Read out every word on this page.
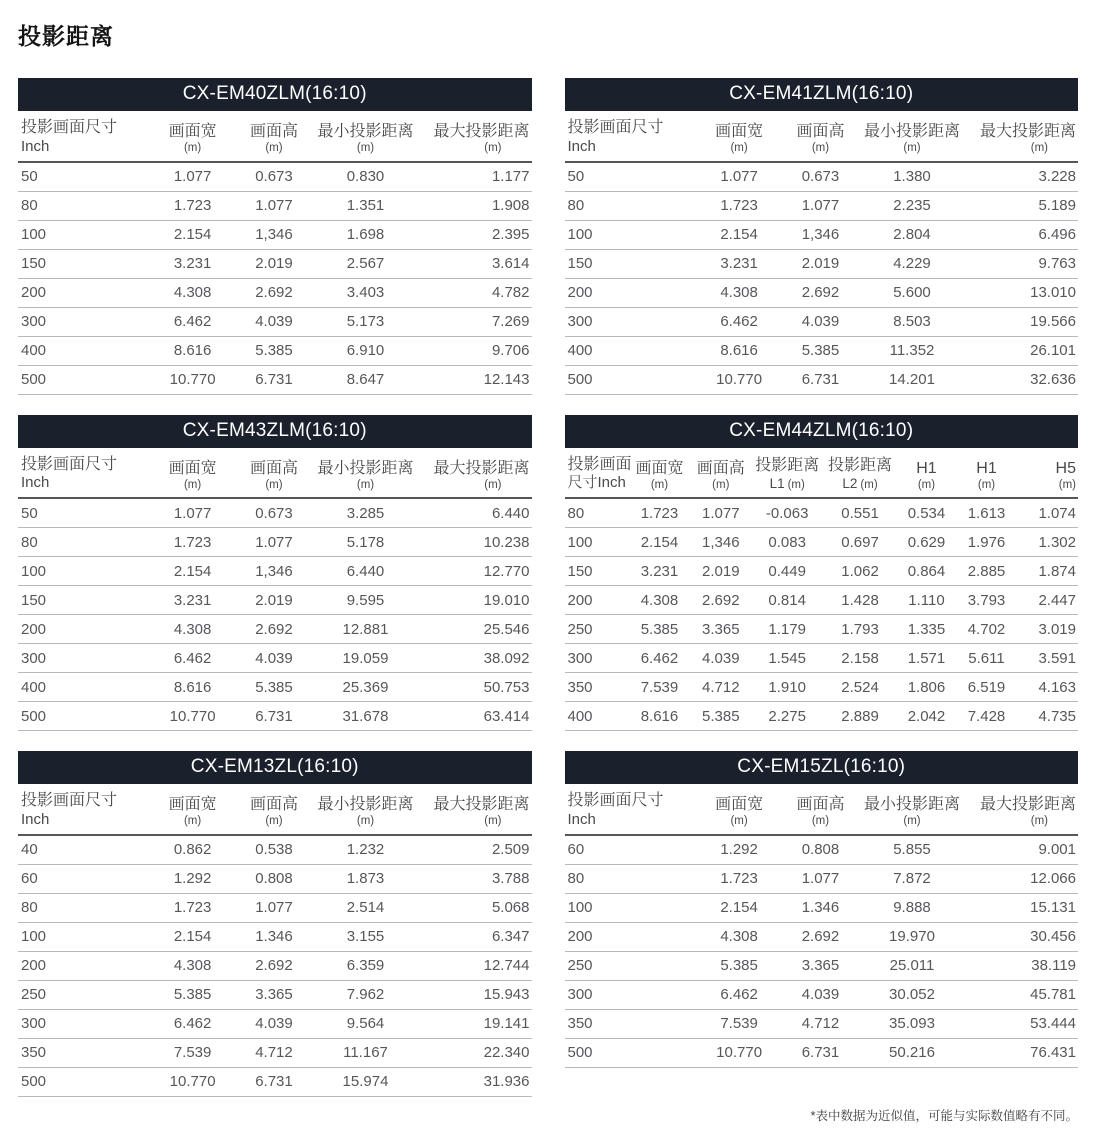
投影距离
CX-EM40ZLM(16:10)
投影画面尺寸
Inch

画面宽
(m)

画面高
(m)

最小投影距离
(m)

最大投影距离
(m)

50	1.077	0.673	0.830	1.177
80	1.723	1.077	1.351	1.908
100	2.154	1,346	1.698	2.395
150	3.231	2.019	2.567	3.614
200	4.308	2.692	3.403	4.782
300	6.462	4.039	5.173	7.269
400	8.616	5.385	6.910	9.706
500	10.770	6.731	8.647	12.143
CX-EM41ZLM(16:10)
投影画面尺寸
Inch

画面宽
(m)

画面高
(m)

最小投影距离
(m)

最大投影距离
(m)

50	1.077	0.673	1.380	3.228
80	1.723	1.077	2.235	5.189
100	2.154	1,346	2.804	6.496
150	3.231	2.019	4.229	9.763
200	4.308	2.692	5.600	13.010
300	6.462	4.039	8.503	19.566
400	8.616	5.385	11.352	26.101
500	10.770	6.731	14.201	32.636
CX-EM43ZLM(16:10)
投影画面尺寸
Inch

画面宽
(m)

画面高
(m)

最小投影距离
(m)

最大投影距离
(m)

50	1.077	0.673	3.285	6.440
80	1.723	1.077	5.178	10.238
100	2.154	1,346	6.440	12.770
150	3.231	2.019	9.595	19.010
200	4.308	2.692	12.881	25.546
300	6.462	4.039	19.059	38.092
400	8.616	5.385	25.369	50.753
500	10.770	6.731	31.678	63.414
CX-EM44ZLM(16:10)
投影画面
尺寸Inch

画面宽
(m)

画面高
(m)

投影距离
L1 (m)

投影距离
L2 (m)

H1
(m)

H1
(m)

H5
(m)

80	1.723	1.077	-0.063	0.551	0.534	1.613	1.074
100	2.154	1,346	0.083	0.697	0.629	1.976	1.302
150	3.231	2.019	0.449	1.062	0.864	2.885	1.874
200	4.308	2.692	0.814	1.428	1.110	3.793	2.447
250	5.385	3.365	1.179	1.793	1.335	4.702	3.019
300	6.462	4.039	1.545	2.158	1.571	5.611	3.591
350	7.539	4.712	1.910	2.524	1.806	6.519	4.163
400	8.616	5.385	2.275	2.889	2.042	7.428	4.735
CX-EM13ZL(16:10)
投影画面尺寸
Inch

画面宽
(m)

画面高
(m)

最小投影距离
(m)

最大投影距离
(m)

40	0.862	0.538	1.232	2.509
60	1.292	0.808	1.873	3.788
80	1.723	1.077	2.514	5.068
100	2.154	1.346	3.155	6.347
200	4.308	2.692	6.359	12.744
250	5.385	3.365	7.962	15.943
300	6.462	4.039	9.564	19.141
350	7.539	4.712	11.167	22.340
500	10.770	6.731	15.974	31.936
CX-EM15ZL(16:10)
投影画面尺寸
Inch

画面宽
(m)

画面高
(m)

最小投影距离
(m)

最大投影距离
(m)

60	1.292	0.808	5.855	9.001
80	1.723	1.077	7.872	12.066
100	2.154	1.346	9.888	15.131
200	4.308	2.692	19.970	30.456
250	5.385	3.365	25.011	38.119
300	6.462	4.039	30.052	45.781
350	7.539	4.712	35.093	53.444
500	10.770	6.731	50.216	76.431
*表中数据为近似值，可能与实际数值略有不同。
